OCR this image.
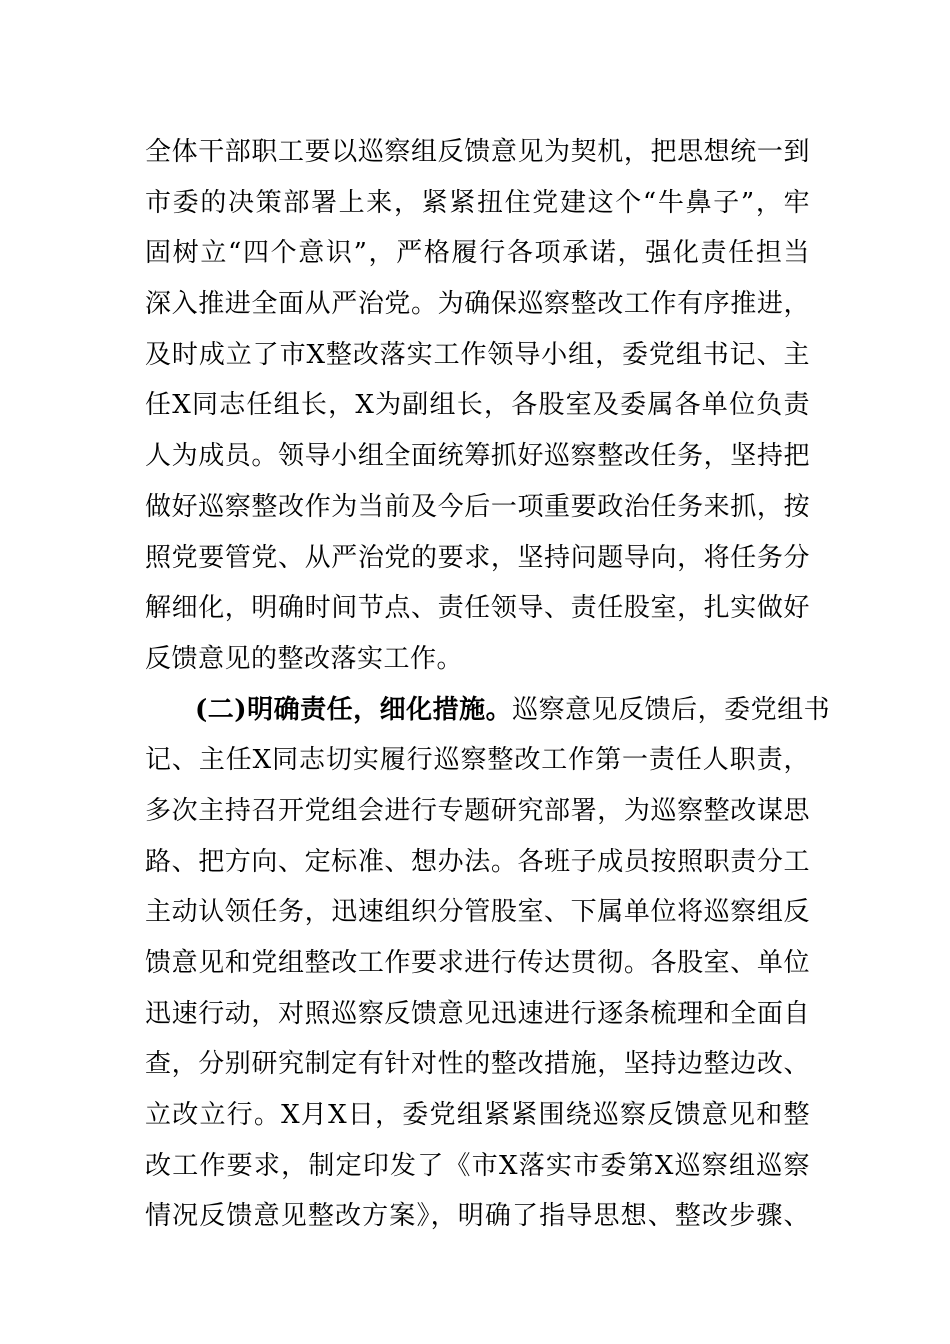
全体干部职工要以巡察组反馈意见为契机，把思想统一到
市委的决策部署上来，紧紧扭住党建这个“牛鼻子”，牢
固树立“四个意识”，严格履行各项承诺，强化责任担当
深入推进全面从严治党。为确保巡察整改工作有序推进，
及时成立了市X整改落实工作领导小组，委党组书记、主
任X同志任组长，X为副组长，各股室及委属各单位负责
人为成员。领导小组全面统筹抓好巡察整改任务，坚持把
做好巡察整改作为当前及今后一项重要政治任务来抓，按
照党要管党、从严治党的要求，坚持问题导向，将任务分
解细化，明确时间节点、责任领导、责任股室，扎实做好
反馈意见的整改落实工作。
(二)明确责任，细化措施。巡察意见反馈后，委党组书
记、主任X同志切实履行巡察整改工作第一责任人职责，
多次主持召开党组会进行专题研究部署，为巡察整改谋思
路、把方向、定标准、想办法。各班子成员按照职责分工
主动认领任务，迅速组织分管股室、下属单位将巡察组反
馈意见和党组整改工作要求进行传达贯彻。各股室、单位
迅速行动，对照巡察反馈意见迅速进行逐条梳理和全面自
查，分别研究制定有针对性的整改措施，坚持边整边改、
立改立行。X月X日，委党组紧紧围绕巡察反馈意见和整
改工作要求，制定印发了《市X落实市委第X巡察组巡察
情况反馈意见整改方案》，明确了指导思想、整改步骤、
